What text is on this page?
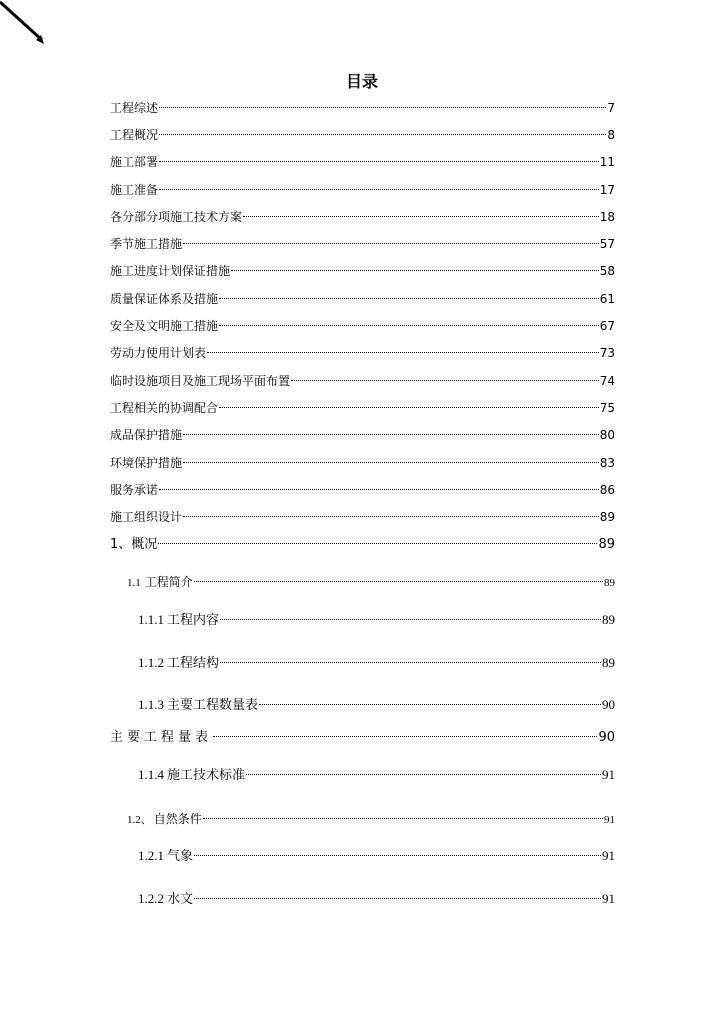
目录
工程综述	7
工程概况	8
施工部署	11
施工准备	17
各分部分项施工技术方案	18
季节施工措施	57
施工进度计划保证措施	58
质量保证体系及措施	61
安全及文明施工措施	67
劳动力使用计划表	73
临时设施项目及施工现场平面布置	74
工程相关的协调配合	75
成品保护措施	80
环境保护措施	83
服务承诺	86
施工组织设计	89
1、概况	89
1.1 工程简介	89
1.1.1 工程内容	89
1.1.2 工程结构	89
1.1.3 主要工程数量表	90
主要工程量表	90
1.1.4 施工技术标准	91
1.2、 自然条件	91
1.2.1 气象	91
1.2.2 水文	91
